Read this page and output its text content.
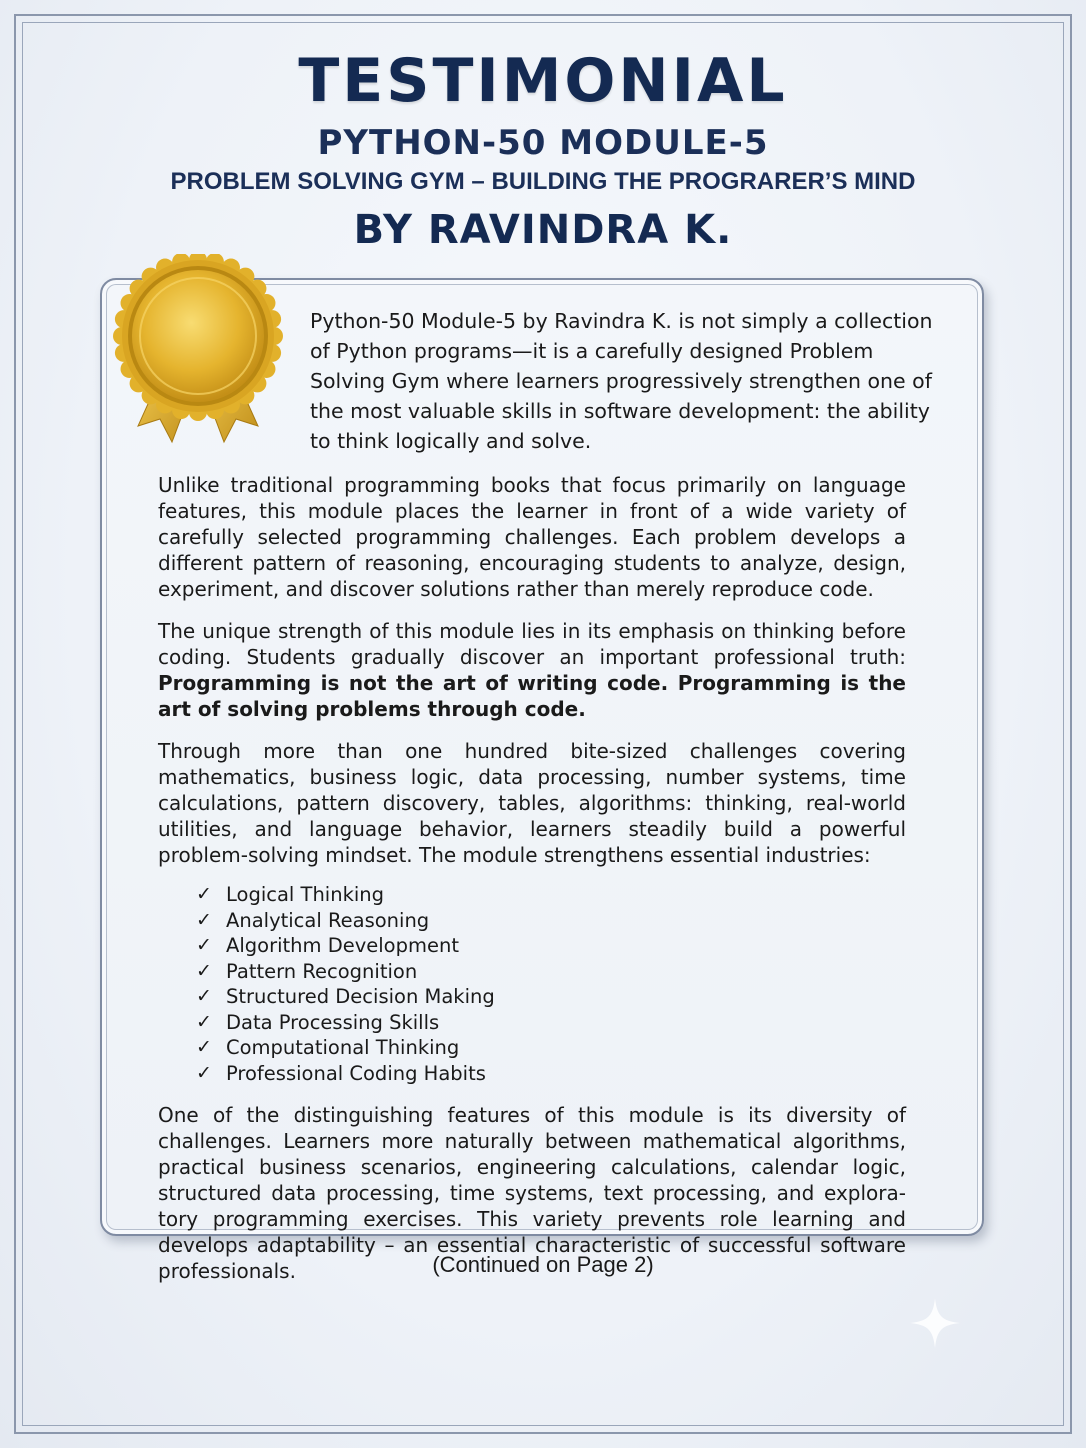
TESTIMONIAL
PYTHON-50 MODULE-5
PROBLEM SOLVING GYM – BUILDING THE PROGRARER’S MIND
BY RAVINDRA K.

Python-50 Module-5 by Ravindra K. is not simply a collection of Python programs—it is a carefully designed Problem Solving Gym where learners progressively strengthen one of the most valuable skills in software development: the ability to think logically and solve.

Unlike traditional programming books that focus primarily on language features, this module places the learner in front of a wide variety of carefully selected programming challenges. Each problem develops a different pattern of reasoning, encouraging students to analyze, design, experiment, and discover solutions rather than merely reproduce code.

The unique strength of this module lies in its emphasis on thinking before coding. Students gradually discover an important professional truth: Programming is not the art of writing code. Programming is the art of solving problems through code.

Through more than one hundred bite-sized challenges covering mathematics, business logic, data processing, number systems, time calculations, pattern discovery, tables, algorithms: thinking, real-world utilities, and language behavior, learners steadily build a powerful problem-solving mindset. The module strengthens essential industries:

✓ Logical Thinking
✓ Analytical Reasoning
✓ Algorithm Development
✓ Pattern Recognition
✓ Structured Decision Making
✓ Data Processing Skills
✓ Computational Thinking
✓ Professional Coding Habits

One of the distinguishing features of this module is its diversity of challenges. Learners more naturally between mathematical algorithms, practical business scenarios, engineering calculations, calendar logic, structured data processing, time systems, text processing, and explora-tory programming exercises. This variety prevents role learning and develops adaptability – an essential characteristic of successful software professionals.	(Continued on Page 2)
